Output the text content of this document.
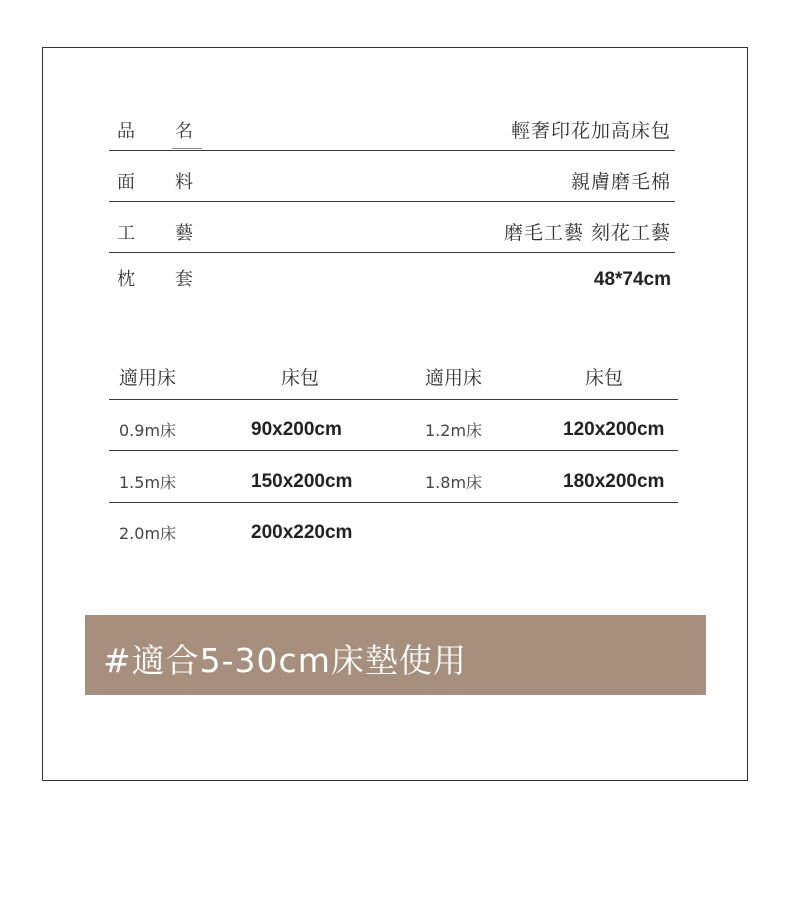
品 名	輕奢印花加高床包
面 料	親膚磨毛棉
工 藝	磨毛工藝 刻花工藝
枕 套	48*74cm
適用床	床包	適用床	床包
0.9m床	90x200cm	1.2m床	120x200cm
1.5m床	150x200cm	1.8m床	180x200cm
2.0m床	200x220cm
#適合5-30cm床墊使用
